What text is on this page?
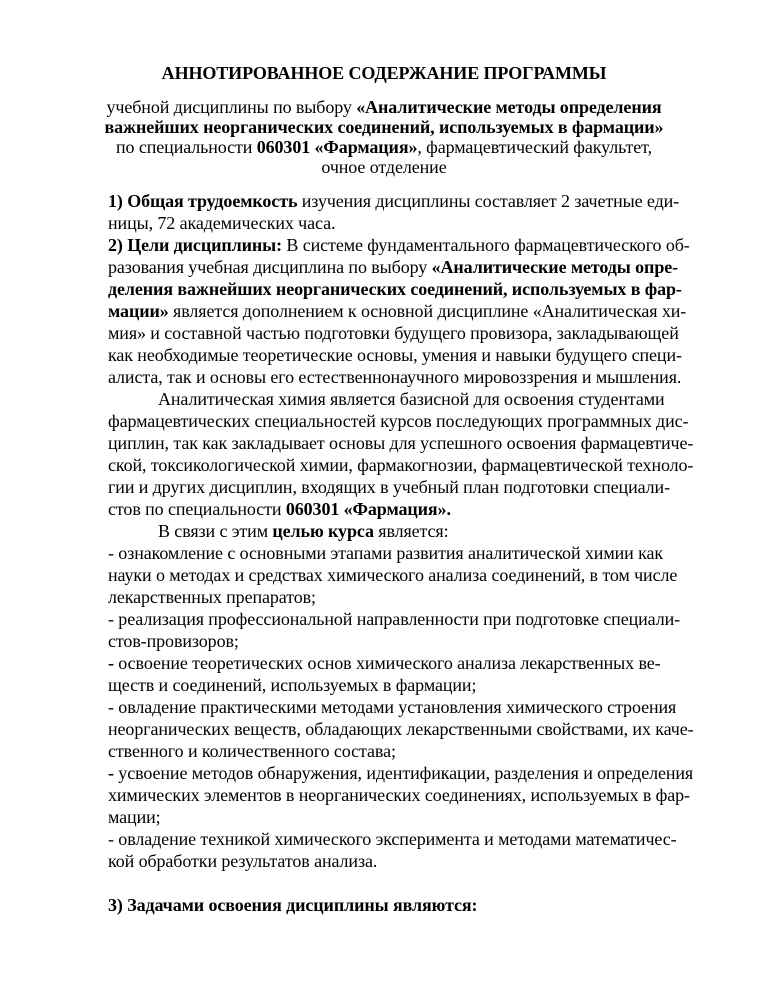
АННОТИРОВАННОЕ СОДЕРЖАНИЕ ПРОГРАММЫ
учебной дисциплины по выбору «Аналитические методы определения
важнейших неорганических соединений, используемых в фармации»
по специальности 060301 «Фармация», фармацевтический факультет,
очное отделение
1) Общая трудоемкость изучения дисциплины составляет 2 зачетные еди-
ницы, 72 академических часа.
2) Цели дисциплины: В системе фундаментального фармацевтического об-
разования учебная дисциплина по выбору «Аналитические методы опре-
деления важнейших неорганических соединений, используемых в фар-
мации» является дополнением к основной дисциплине «Аналитическая хи-
мия» и составной частью подготовки будущего провизора, закладывающей
как необходимые теоретические основы, умения и навыки будущего специ-
алиста, так и основы его естественнонаучного мировоззрения и мышления.
Аналитическая химия является базисной для освоения студентами
фармацевтических специальностей курсов последующих программных дис-
циплин, так как закладывает основы для успешного освоения фармацевтиче-
ской, токсикологической химии, фармакогнозии, фармацевтической техноло-
гии и других дисциплин, входящих в учебный план подготовки специали-
стов по специальности 060301 «Фармация».
В связи с этим целью курса является:
- ознакомление с основными этапами развития аналитической химии как
науки о методах и средствах химического анализа соединений, в том числе
лекарственных препаратов;
- реализация профессиональной направленности при подготовке специали-
стов-провизоров;
- освоение теоретических основ химического анализа лекарственных ве-
ществ и соединений, используемых в фармации;
- овладение практическими методами установления химического строения
неорганических веществ, обладающих лекарственными свойствами, их каче-
ственного и количественного состава;
- усвоение методов обнаружения, идентификации, разделения и определения
химических элементов в неорганических соединениях, используемых в фар-
мации;
- овладение техникой химического эксперимента и методами математичес-
кой обработки результатов анализа.
3) Задачами освоения дисциплины являются:
